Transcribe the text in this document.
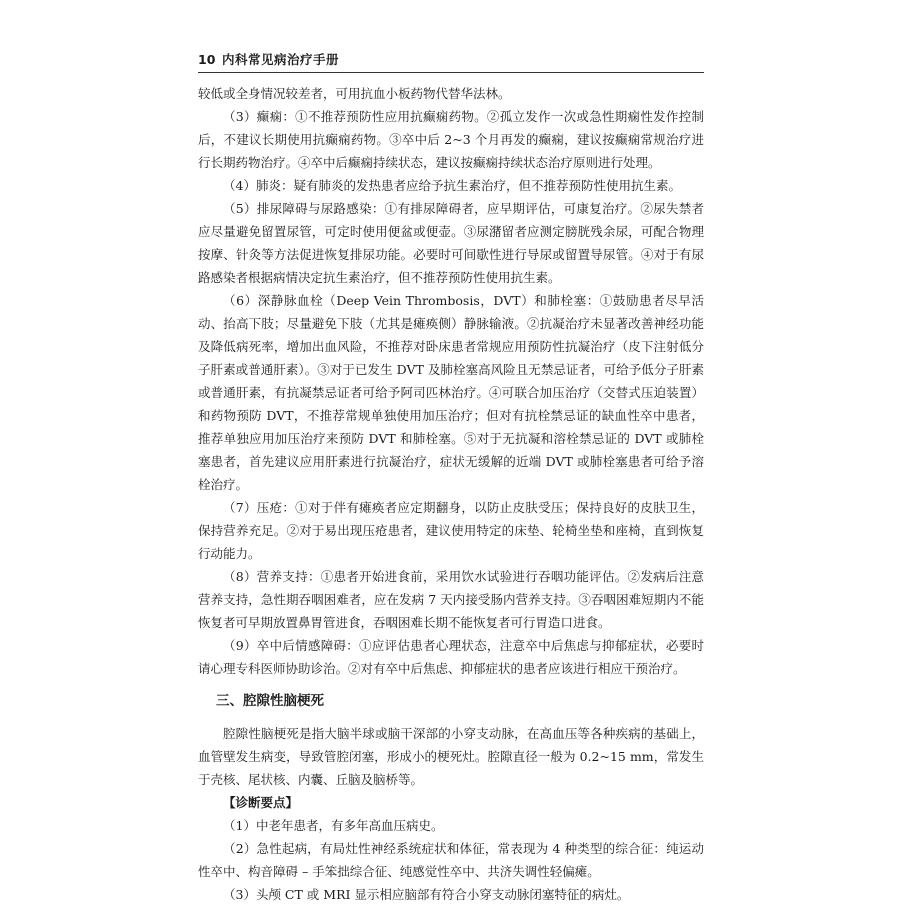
10 内科常见病治疗手册

较低或全身情况较差者，可用抗血小板药物代替华法林。

（3）癫痫：①不推荐预防性应用抗癫痫药物。②孤立发作一次或急性期痫性发作控制后，不建议长期使用抗癫痫药物。③卒中后 2~3 个月再发的癫痫，建议按癫痫常规治疗进行长期药物治疗。④卒中后癫痫持续状态，建议按癫痫持续状态治疗原则进行处理。

（4）肺炎：疑有肺炎的发热患者应给予抗生素治疗，但不推荐预防性使用抗生素。

（5）排尿障碍与尿路感染：①有排尿障碍者，应早期评估，可康复治疗。②尿失禁者应尽量避免留置尿管，可定时使用便盆或便壶。③尿潴留者应测定膀胱残余尿，可配合物理按摩、针灸等方法促进恢复排尿功能。必要时可间歇性进行导尿或留置导尿管。④对于有尿路感染者根据病情决定抗生素治疗，但不推荐预防性使用抗生素。

（6）深静脉血栓（Deep Vein Thrombosis，DVT）和肺栓塞：①鼓励患者尽早活动、抬高下肢；尽量避免下肢（尤其是瘫痪侧）静脉输液。②抗凝治疗未显著改善神经功能及降低病死率，增加出血风险，不推荐对卧床患者常规应用预防性抗凝治疗（皮下注射低分子肝素或普通肝素）。③对于已发生 DVT 及肺栓塞高风险且无禁忌证者，可给予低分子肝素或普通肝素，有抗凝禁忌证者可给予阿司匹林治疗。④可联合加压治疗（交替式压迫装置）和药物预防 DVT，不推荐常规单独使用加压治疗；但对有抗栓禁忌证的缺血性卒中患者，推荐单独应用加压治疗来预防 DVT 和肺栓塞。⑤对于无抗凝和溶栓禁忌证的 DVT 或肺栓塞患者，首先建议应用肝素进行抗凝治疗，症状无缓解的近端 DVT 或肺栓塞患者可给予溶栓治疗。

（7）压疮：①对于伴有瘫痪者应定期翻身，以防止皮肤受压；保持良好的皮肤卫生，保持营养充足。②对于易出现压疮患者，建议使用特定的床垫、轮椅坐垫和座椅，直到恢复行动能力。

（8）营养支持：①患者开始进食前，采用饮水试验进行吞咽功能评估。②发病后注意营养支持，急性期吞咽困难者，应在发病 7 天内接受肠内营养支持。③吞咽困难短期内不能恢复者可早期放置鼻胃管进食，吞咽困难长期不能恢复者可行胃造口进食。

（9）卒中后情感障碍：①应评估患者心理状态，注意卒中后焦虑与抑郁症状，必要时请心理专科医师协助诊治。②对有卒中后焦虑、抑郁症状的患者应该进行相应干预治疗。

三、腔隙性脑梗死

腔隙性脑梗死是指大脑半球或脑干深部的小穿支动脉，在高血压等各种疾病的基础上，血管壁发生病变，导致管腔闭塞，形成小的梗死灶。腔隙直径一般为 0.2~15 mm，常发生于壳核、尾状核、内囊、丘脑及脑桥等。

【诊断要点】

（1）中老年患者，有多年高血压病史。

（2）急性起病，有局灶性神经系统症状和体征，常表现为 4 种类型的综合征：纯运动性卒中、构音障碍 – 手笨拙综合征、纯感觉性卒中、共济失调性轻偏瘫。

（3）头颅 CT 或 MRI 显示相应脑部有符合小穿支动脉闭塞特征的病灶。
